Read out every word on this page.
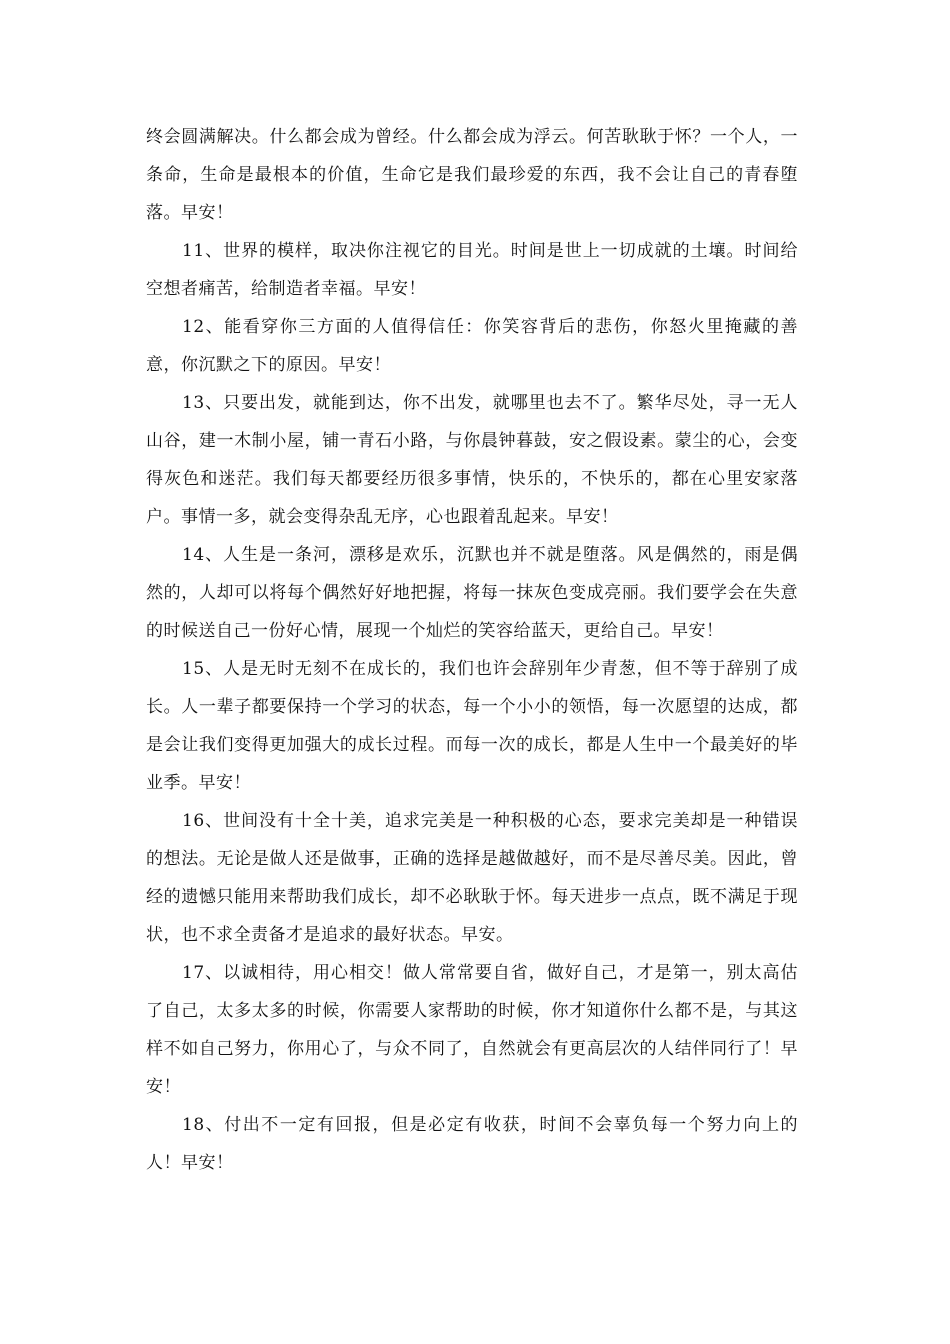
终会圆满解决。什么都会成为曾经。什么都会成为浮云。何苦耿耿于怀？一个人，一条命，生命是最根本的价值，生命它是我们最珍爱的东西，我不会让自己的青春堕落。早安！

11、世界的模样，取决你注视它的目光。时间是世上一切成就的土壤。时间给空想者痛苦，给制造者幸福。早安！

12、能看穿你三方面的人值得信任：你笑容背后的悲伤，你怒火里掩藏的善意，你沉默之下的原因。早安！

13、只要出发，就能到达，你不出发，就哪里也去不了。繁华尽处，寻一无人山谷，建一木制小屋，铺一青石小路，与你晨钟暮鼓，安之假设素。蒙尘的心，会变得灰色和迷茫。我们每天都要经历很多事情，快乐的，不快乐的，都在心里安家落户。事情一多，就会变得杂乱无序，心也跟着乱起来。早安！

14、人生是一条河，漂移是欢乐，沉默也并不就是堕落。风是偶然的，雨是偶然的，人却可以将每个偶然好好地把握，将每一抹灰色变成亮丽。我们要学会在失意的时候送自己一份好心情，展现一个灿烂的笑容给蓝天，更给自己。早安！

15、人是无时无刻不在成长的，我们也许会辞别年少青葱，但不等于辞别了成长。人一辈子都要保持一个学习的状态，每一个小小的领悟，每一次愿望的达成，都是会让我们变得更加强大的成长过程。而每一次的成长，都是人生中一个最美好的毕业季。早安！

16、世间没有十全十美，追求完美是一种积极的心态，要求完美却是一种错误的想法。无论是做人还是做事，正确的选择是越做越好，而不是尽善尽美。因此，曾经的遗憾只能用来帮助我们成长，却不必耿耿于怀。每天进步一点点，既不满足于现状，也不求全责备才是追求的最好状态。早安。

17、以诚相待，用心相交！做人常常要自省，做好自己，才是第一，别太高估了自己，太多太多的时候，你需要人家帮助的时候，你才知道你什么都不是，与其这样不如自己努力，你用心了，与众不同了，自然就会有更高层次的人结伴同行了！早安！

18、付出不一定有回报，但是必定有收获，时间不会辜负每一个努力向上的人！早安！
